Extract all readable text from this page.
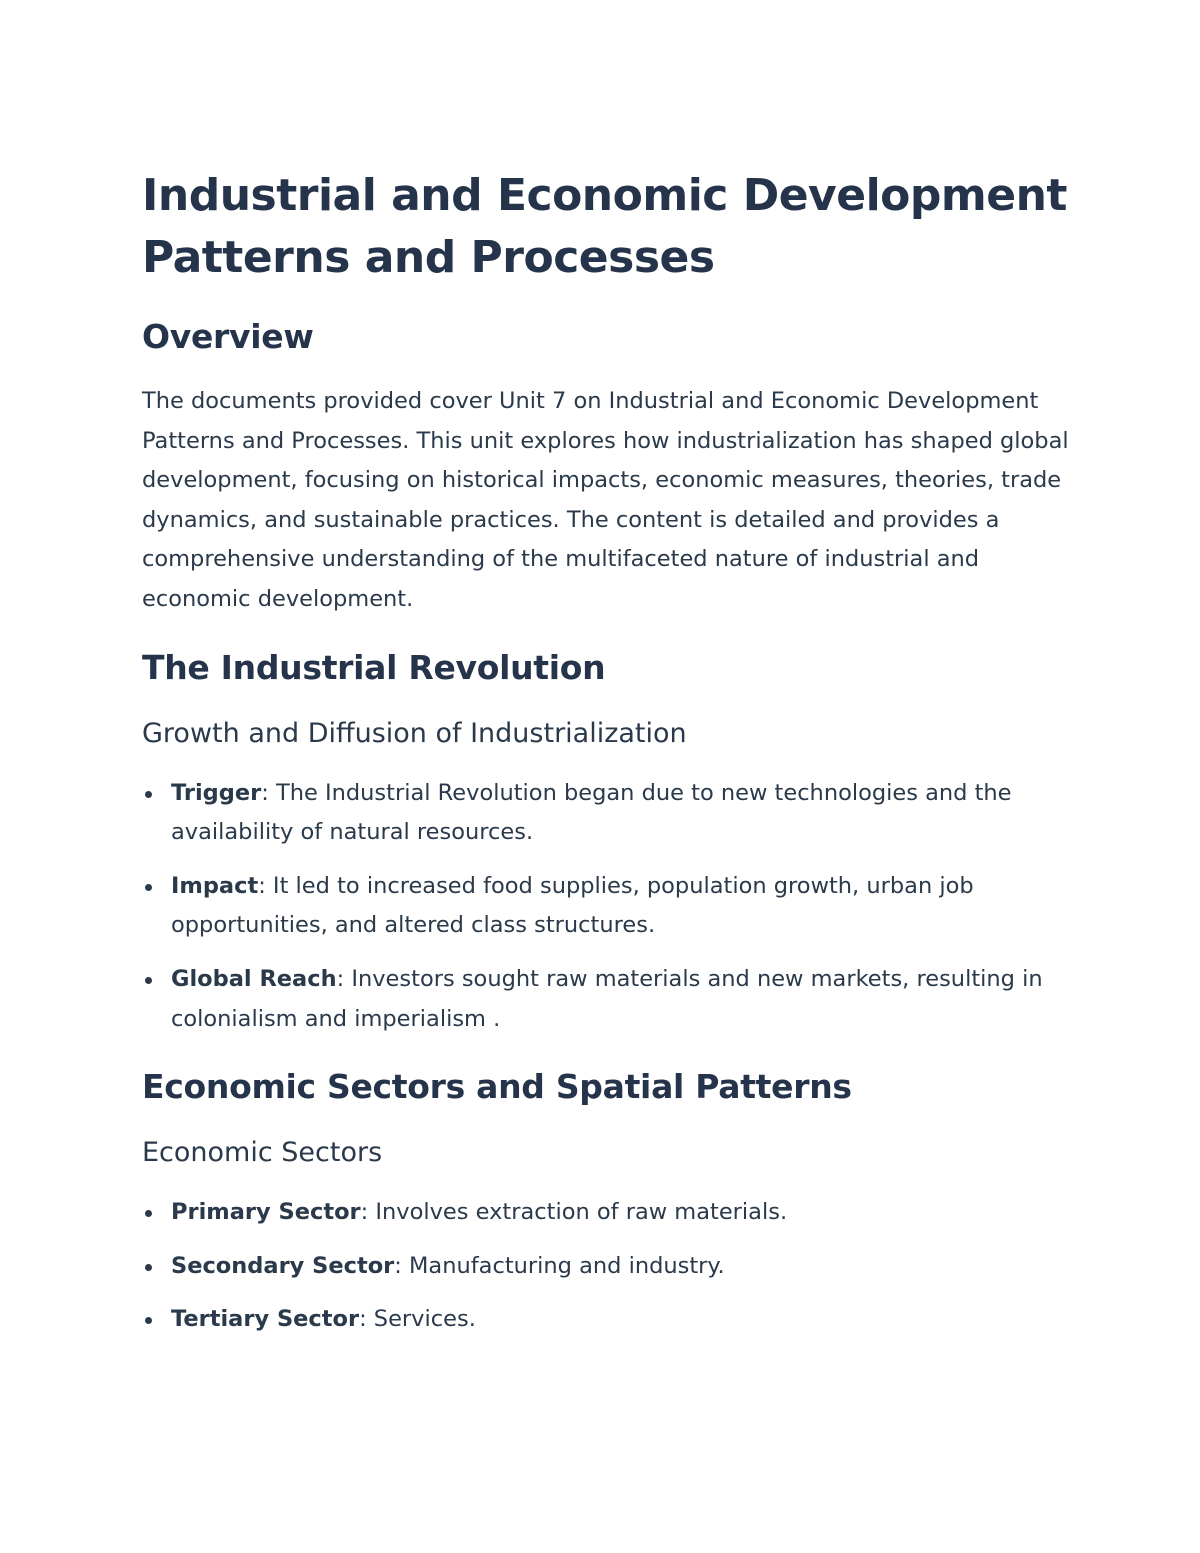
Industrial and Economic Development
Patterns and Processes
Overview

The documents provided cover Unit 7 on Industrial and Economic Development Patterns and Processes. This unit explores how industrialization has shaped global development, focusing on historical impacts, economic measures, theories, trade dynamics, and sustainable practices. The content is detailed and provides a comprehensive understanding of the multifaceted nature of industrial and economic development.

The Industrial Revolution
Growth and Diffusion of Industrialization
Trigger: The Industrial Revolution began due to new technologies and the availability of natural resources.
Impact: It led to increased food supplies, population growth, urban job opportunities, and altered class structures.
Global Reach: Investors sought raw materials and new markets, resulting in colonialism and imperialism .
Economic Sectors and Spatial Patterns
Economic Sectors
Primary Sector: Involves extraction of raw materials.
Secondary Sector: Manufacturing and industry.
Tertiary Sector: Services.
